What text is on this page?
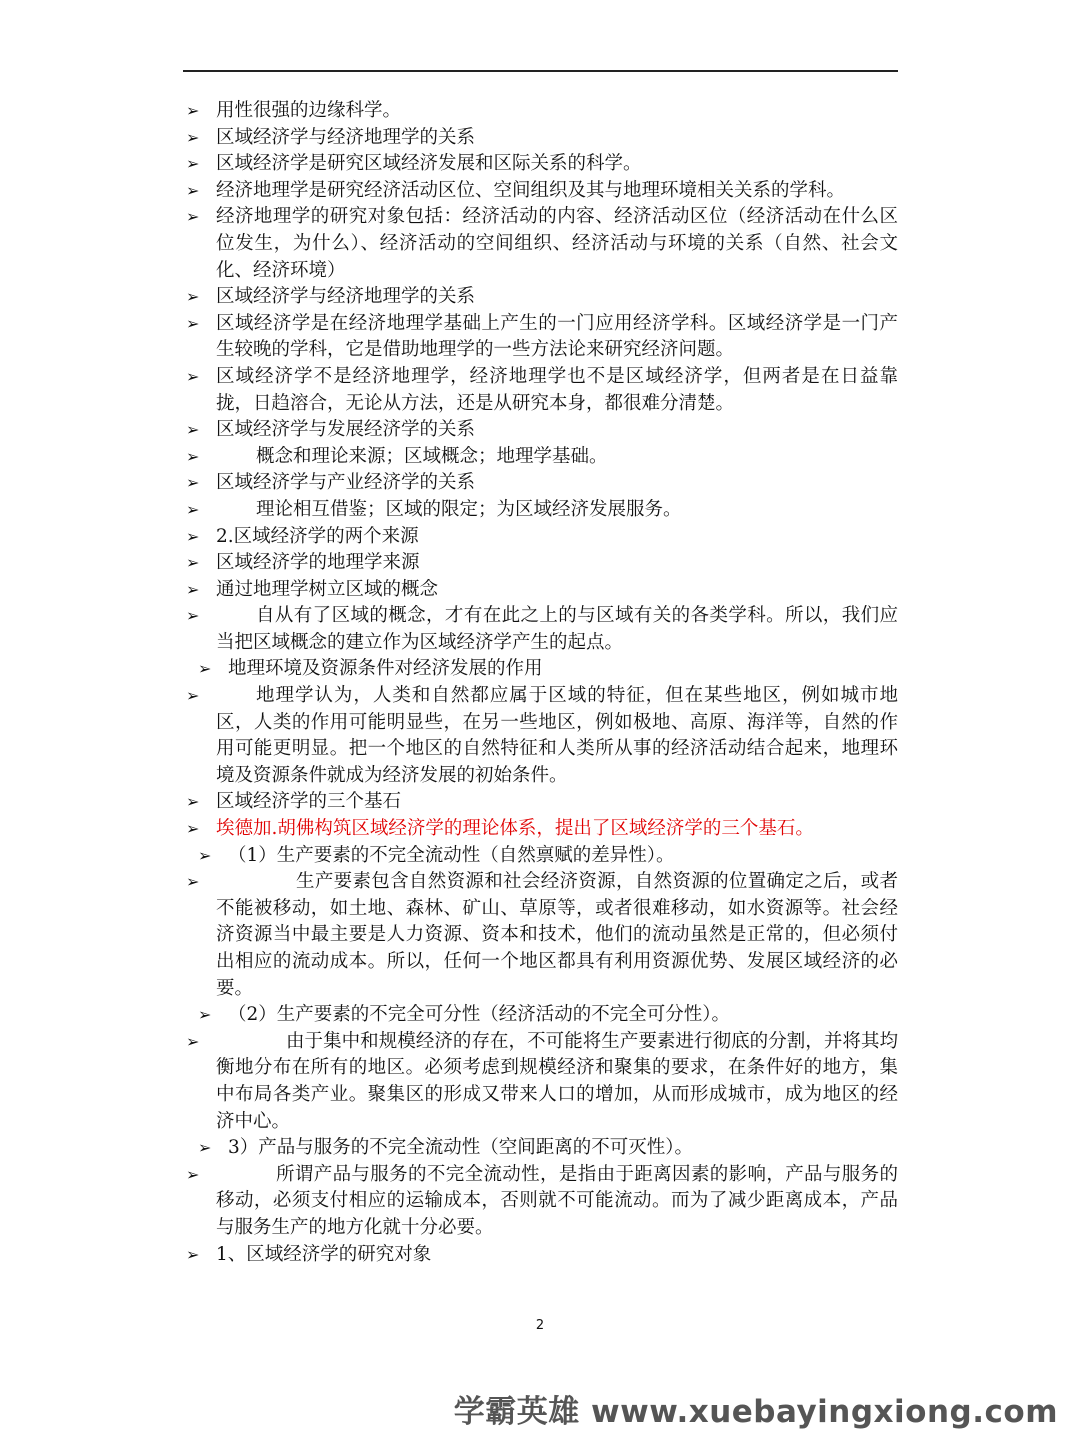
➢ 用性很强的边缘科学。
➢ 区域经济学与经济地理学的关系
➢ 区域经济学是研究区域经济发展和区际关系的科学。
➢ 经济地理学是研究经济活动区位、空间组织及其与地理环境相关关系的学科。
➢ 经济地理学的研究对象包括：经济活动的内容、经济活动区位（经济活动在什么区位发生，为什么）、经济活动的空间组织、经济活动与环境的关系（自然、社会文化、经济环境）
➢ 区域经济学与经济地理学的关系
➢ 区域经济学是在经济地理学基础上产生的一门应用经济学科。区域经济学是一门产生较晚的学科，它是借助地理学的一些方法论来研究经济问题。
➢ 区域经济学不是经济地理学，经济地理学也不是区域经济学，但两者是在日益靠拢，日趋溶合，无论从方法，还是从研究本身，都很难分清楚。
➢ 区域经济学与发展经济学的关系
➢	概念和理论来源；区域概念；地理学基础。
➢ 区域经济学与产业经济学的关系
➢	理论相互借鉴；区域的限定；为区域经济发展服务。
➢ 2.区域经济学的两个来源
➢ 区域经济学的地理学来源
➢ 通过地理学树立区域的概念
➢	自从有了区域的概念，才有在此之上的与区域有关的各类学科。所以，我们应当把区域概念的建立作为区域经济学产生的起点。
➢ 地理环境及资源条件对经济发展的作用
➢	地理学认为，人类和自然都应属于区域的特征，但在某些地区，例如城市地区，人类的作用可能明显些，在另一些地区，例如极地、高原、海洋等，自然的作用可能更明显。把一个地区的自然特征和人类所从事的经济活动结合起来，地理环境及资源条件就成为经济发展的初始条件。
➢ 区域经济学的三个基石
➢ 埃德加.胡佛构筑区域经济学的理论体系，提出了区域经济学的三个基石。
➢ （1）生产要素的不完全流动性（自然禀赋的差异性）。
➢	生产要素包含自然资源和社会经济资源，自然资源的位置确定之后，或者不能被移动，如土地、森林、矿山、草原等，或者很难移动，如水资源等。社会经济资源当中最主要是人力资源、资本和技术，他们的流动虽然是正常的，但必须付出相应的流动成本。所以，任何一个地区都具有利用资源优势、发展区域经济的必要。
➢ （2）生产要素的不完全可分性（经济活动的不完全可分性）。
➢	由于集中和规模经济的存在，不可能将生产要素进行彻底的分割，并将其均衡地分布在所有的地区。必须考虑到规模经济和聚集的要求，在条件好的地方，集中布局各类产业。聚集区的形成又带来人口的增加，从而形成城市，成为地区的经济中心。
➢ 3）产品与服务的不完全流动性（空间距离的不可灭性）。
➢	所谓产品与服务的不完全流动性，是指由于距离因素的影响，产品与服务的移动，必须支付相应的运输成本，否则就不可能流动。而为了减少距离成本，产品与服务生产的地方化就十分必要。
➢ 1、区域经济学的研究对象
2
学霸英雄 www.xuebayingxiong.com
